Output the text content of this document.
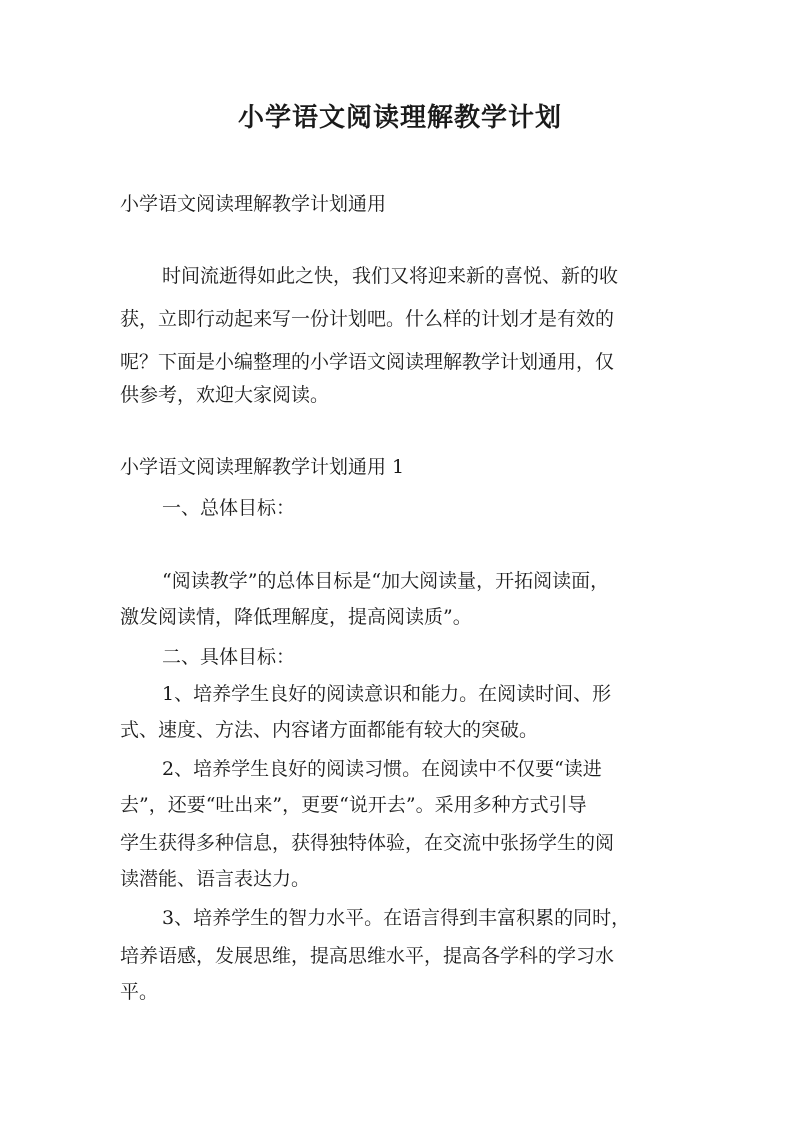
小学语文阅读理解教学计划
小学语文阅读理解教学计划通用
时间流逝得如此之快，我们又将迎来新的喜悦、新的收
获，立即行动起来写一份计划吧。什么样的计划才是有效的
呢？下面是小编整理的小学语文阅读理解教学计划通用，仅
供参考，欢迎大家阅读。
小学语文阅读理解教学计划通用 1
一、总体目标：
“阅读教学”的总体目标是“加大阅读量，开拓阅读面，
激发阅读情，降低理解度，提高阅读质”。
二、具体目标：
1、培养学生良好的阅读意识和能力。在阅读时间、形
式、速度、方法、内容诸方面都能有较大的突破。
2、培养学生良好的阅读习惯。在阅读中不仅要“读进
去”，还要“吐出来”，更要“说开去”。采用多种方式引导
学生获得多种信息，获得独特体验，在交流中张扬学生的阅
读潜能、语言表达力。
3、培养学生的智力水平。在语言得到丰富积累的同时，
培养语感，发展思维，提高思维水平，提高各学科的学习水
平。
